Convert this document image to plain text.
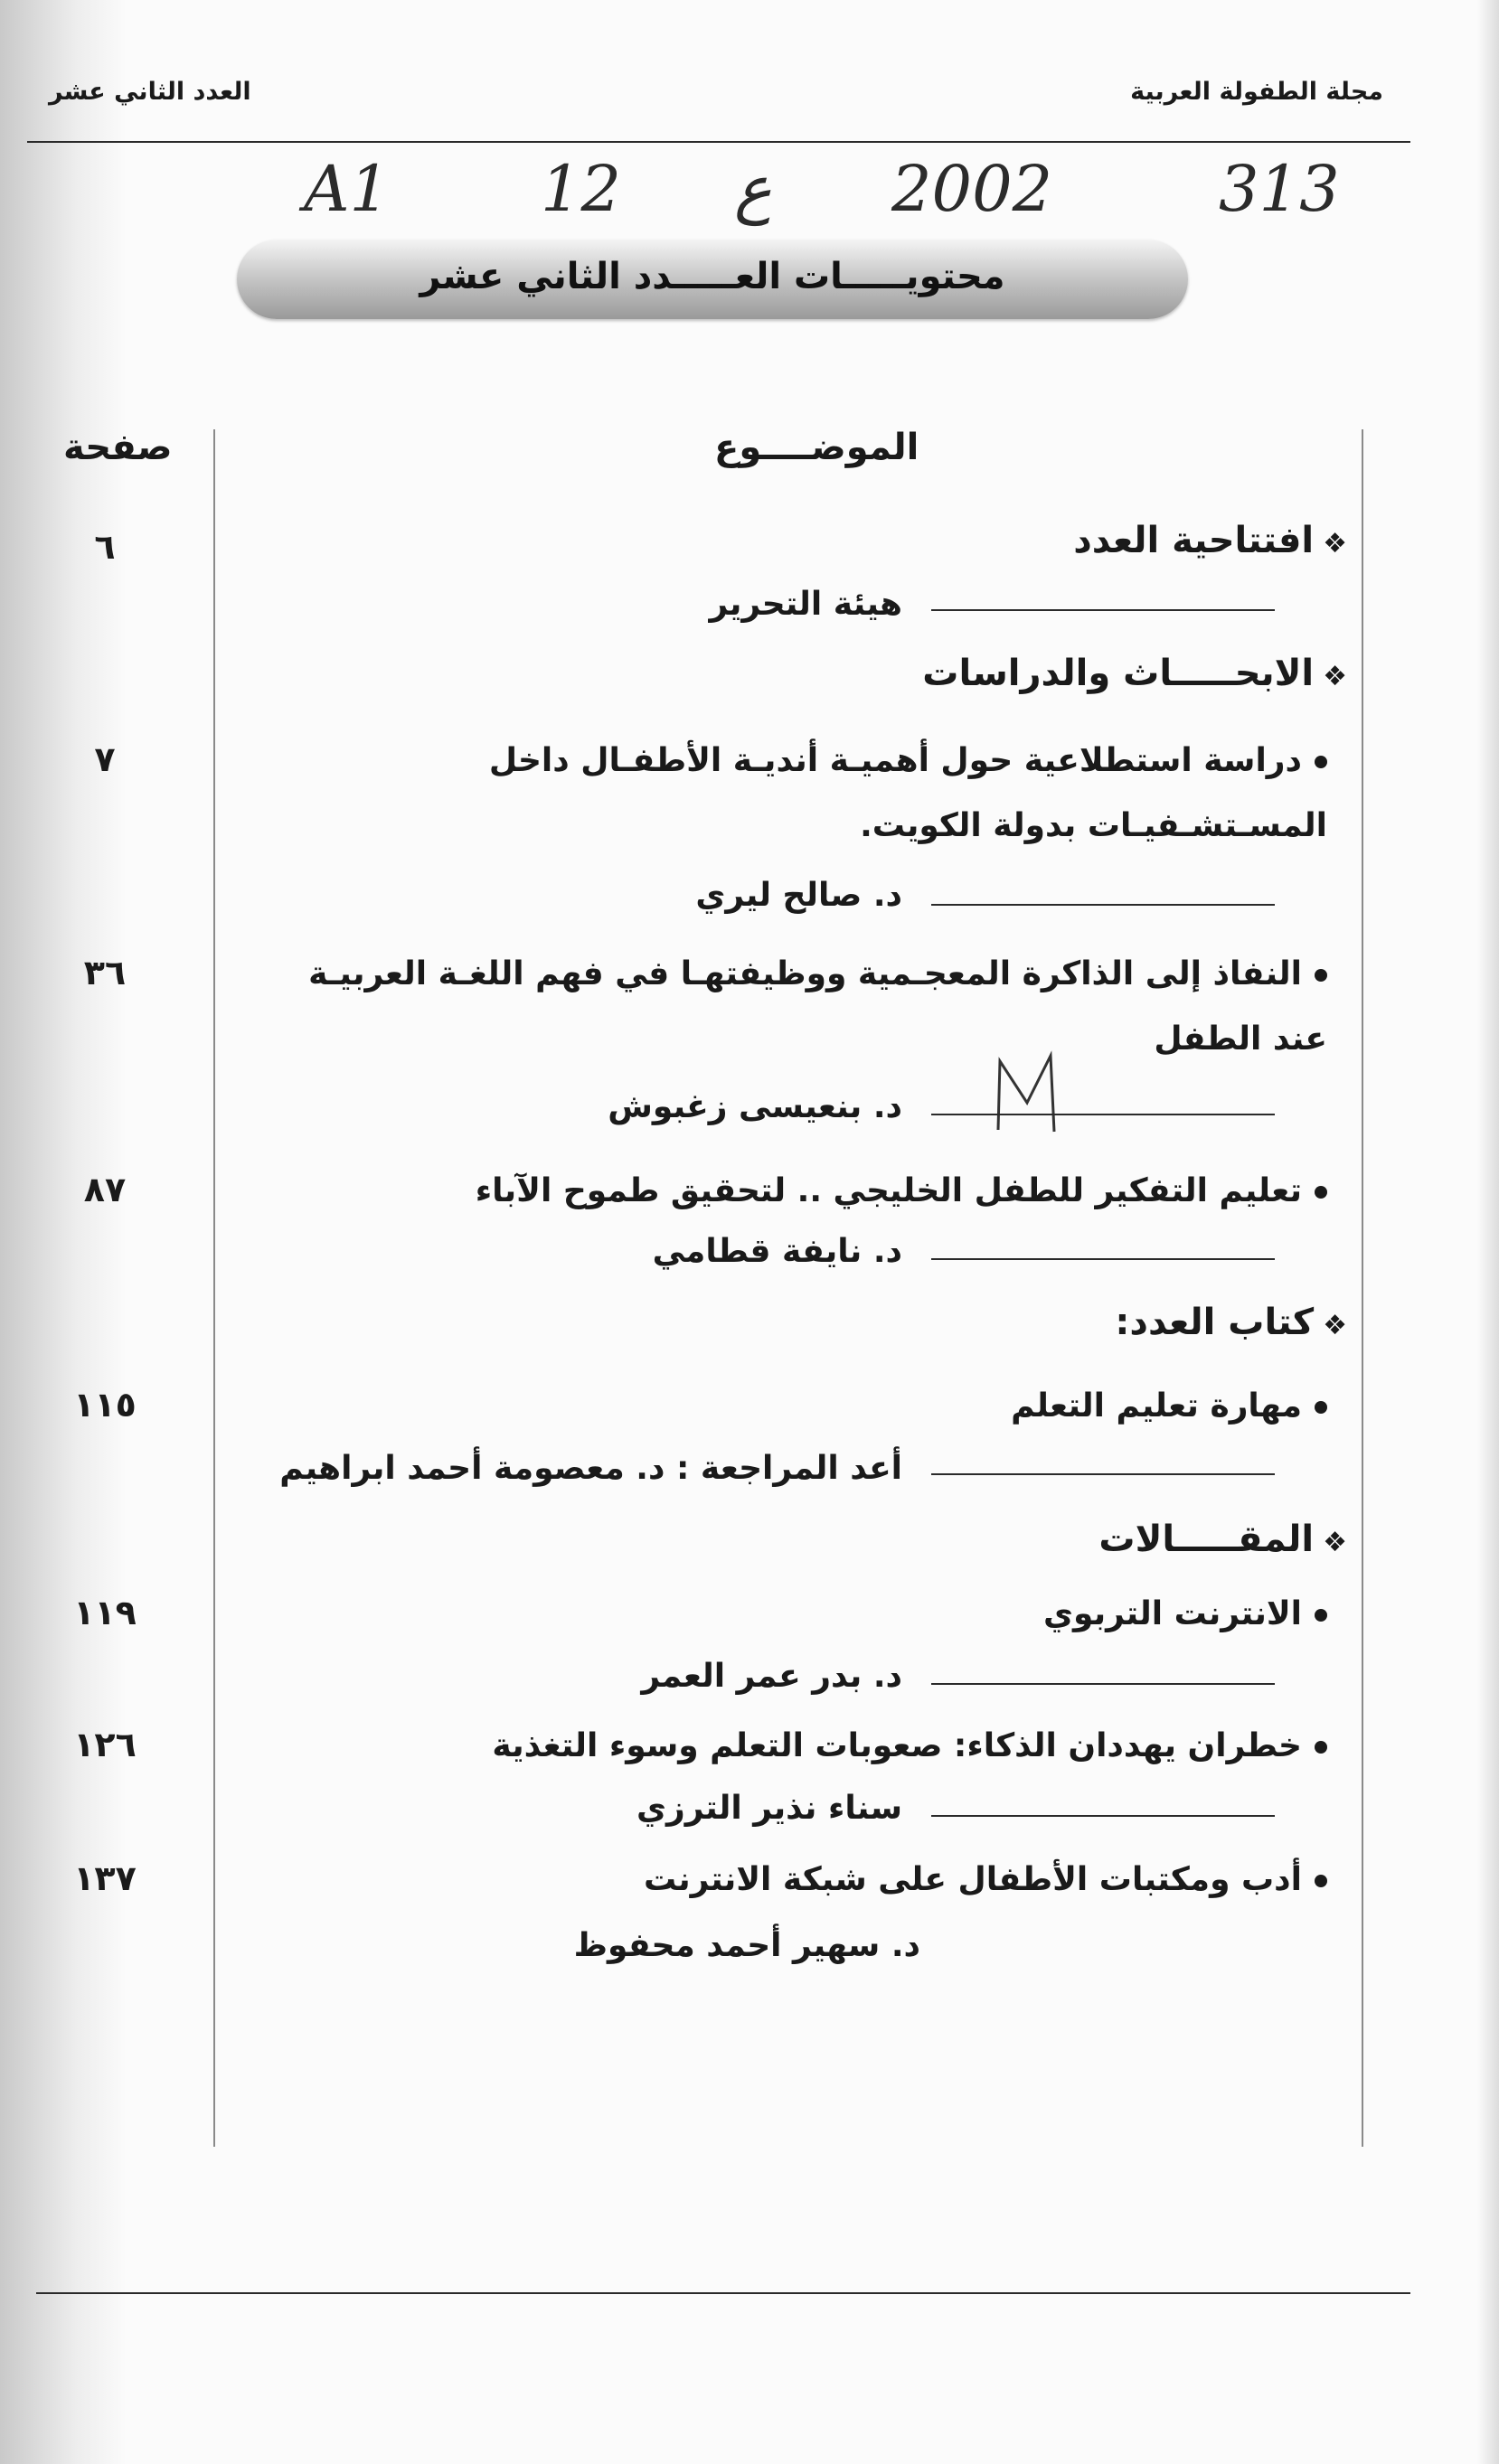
مجلة الطفولة العربية
العدد الثاني عشر
A1 12 ع 2002	313
محتويـــــات العـــــدد الثاني عشر
صفحة	الموضــــوع
❖افتتاحية العدد
٦
هيئة التحرير
❖الابحـــــاث والدراسات
دراسة استطلاعية حول أهميـة أنديـة الأطفـال داخل المسـتشـفيـات بدولة الكويت.
٧
د. صالح ليري
النفاذ إلى الذاكرة المعجـمية ووظيفتهـا في فهم اللغـة العربيـة عند الطفل
٣٦
د. بنعيسى زغبوش
تعليم التفكير للطفل الخليجي .. لتحقيق طموح الآباء
٨٧
د. نايفة قطامي
❖كتاب العدد:
مهارة تعليم التعلم
١١٥
أعد المراجعة : د. معصومة أحمد ابراهيم
❖المقـــــالات
الانترنت التربوي
١١٩
د. بدر عمر العمر
خطران يهددان الذكاء: صعوبات التعلم وسوء التغذية
١٢٦
سناء نذير الترزي
أدب ومكتبات الأطفال على شبكة الانترنت
١٣٧
د. سهير أحمد محفوظ
